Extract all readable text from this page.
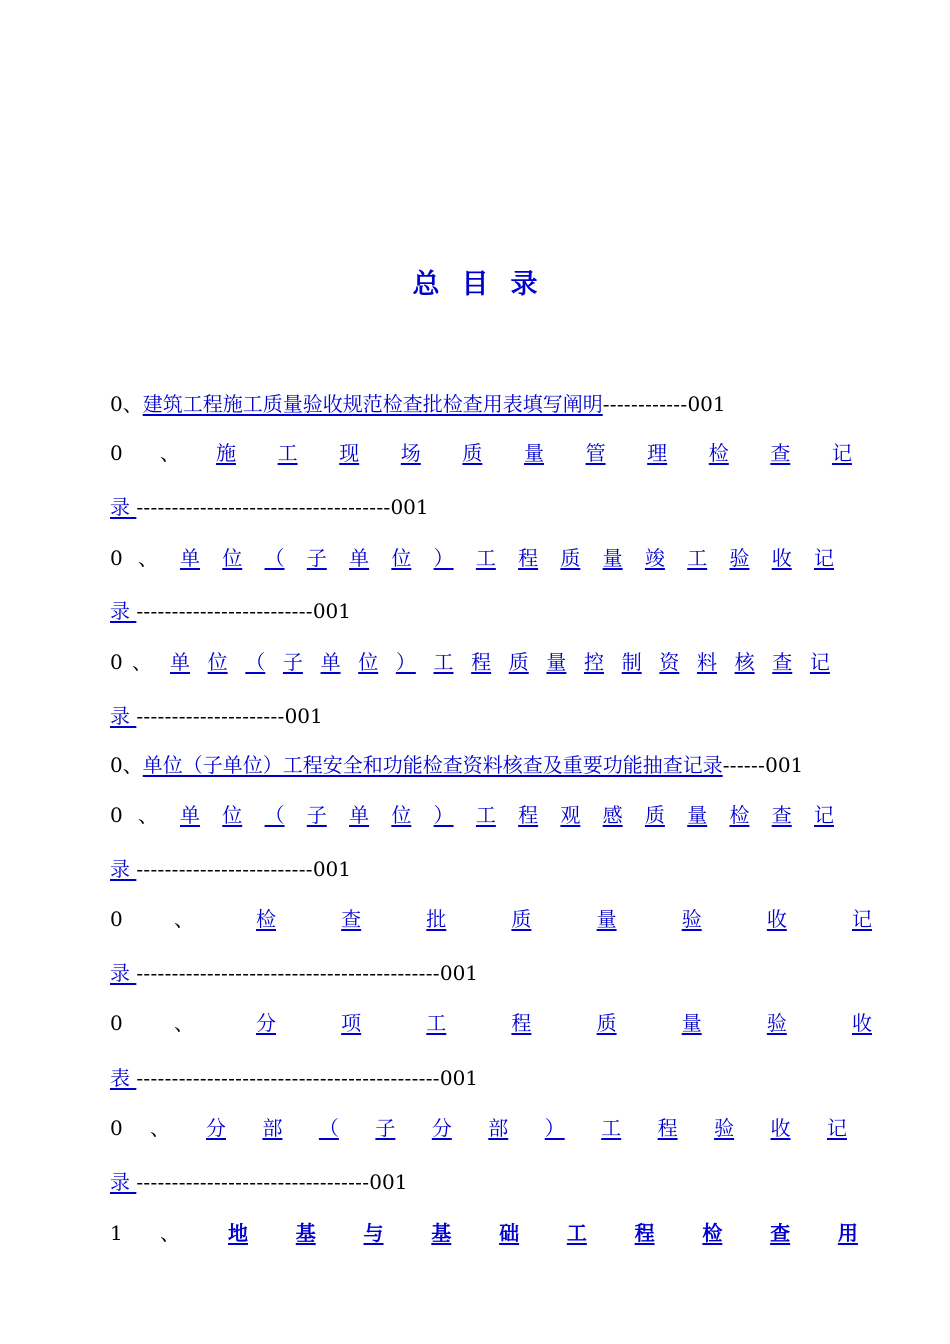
总 目 录
0、建筑工程施工质量验收规范检查批检查用表填写阐明------------001
0	、	施 工 现 场 质 量 管 理 检 查 记
录 ------------------------------------001
0 、	单 位 （ 子 单 位 ） 工 程 质 量 竣 工 验 收 记
录 -------------------------001
0 、 单 位 （ 子 单 位 ） 工 程 质 量 控 制 资 料 核 查 记
录 ---------------------001
0、单位（子单位）工程安全和功能检查资料核查及重要功能抽查记录------001
0 、	单 位 （ 子 单 位 ） 工 程 观 感 质 量 检 查 记
录 -------------------------001
0	、	检	查	批	质	量	验	收	记
录 -------------------------------------------001
0	、	分	项	工	程	质	量	验	收
表 -------------------------------------------001
0	、	分 部 （ 子 分 部 ） 工 程 验 收 记
录 ---------------------------------001
1	、	地 基 与 基 础 工 程 检 查 用
